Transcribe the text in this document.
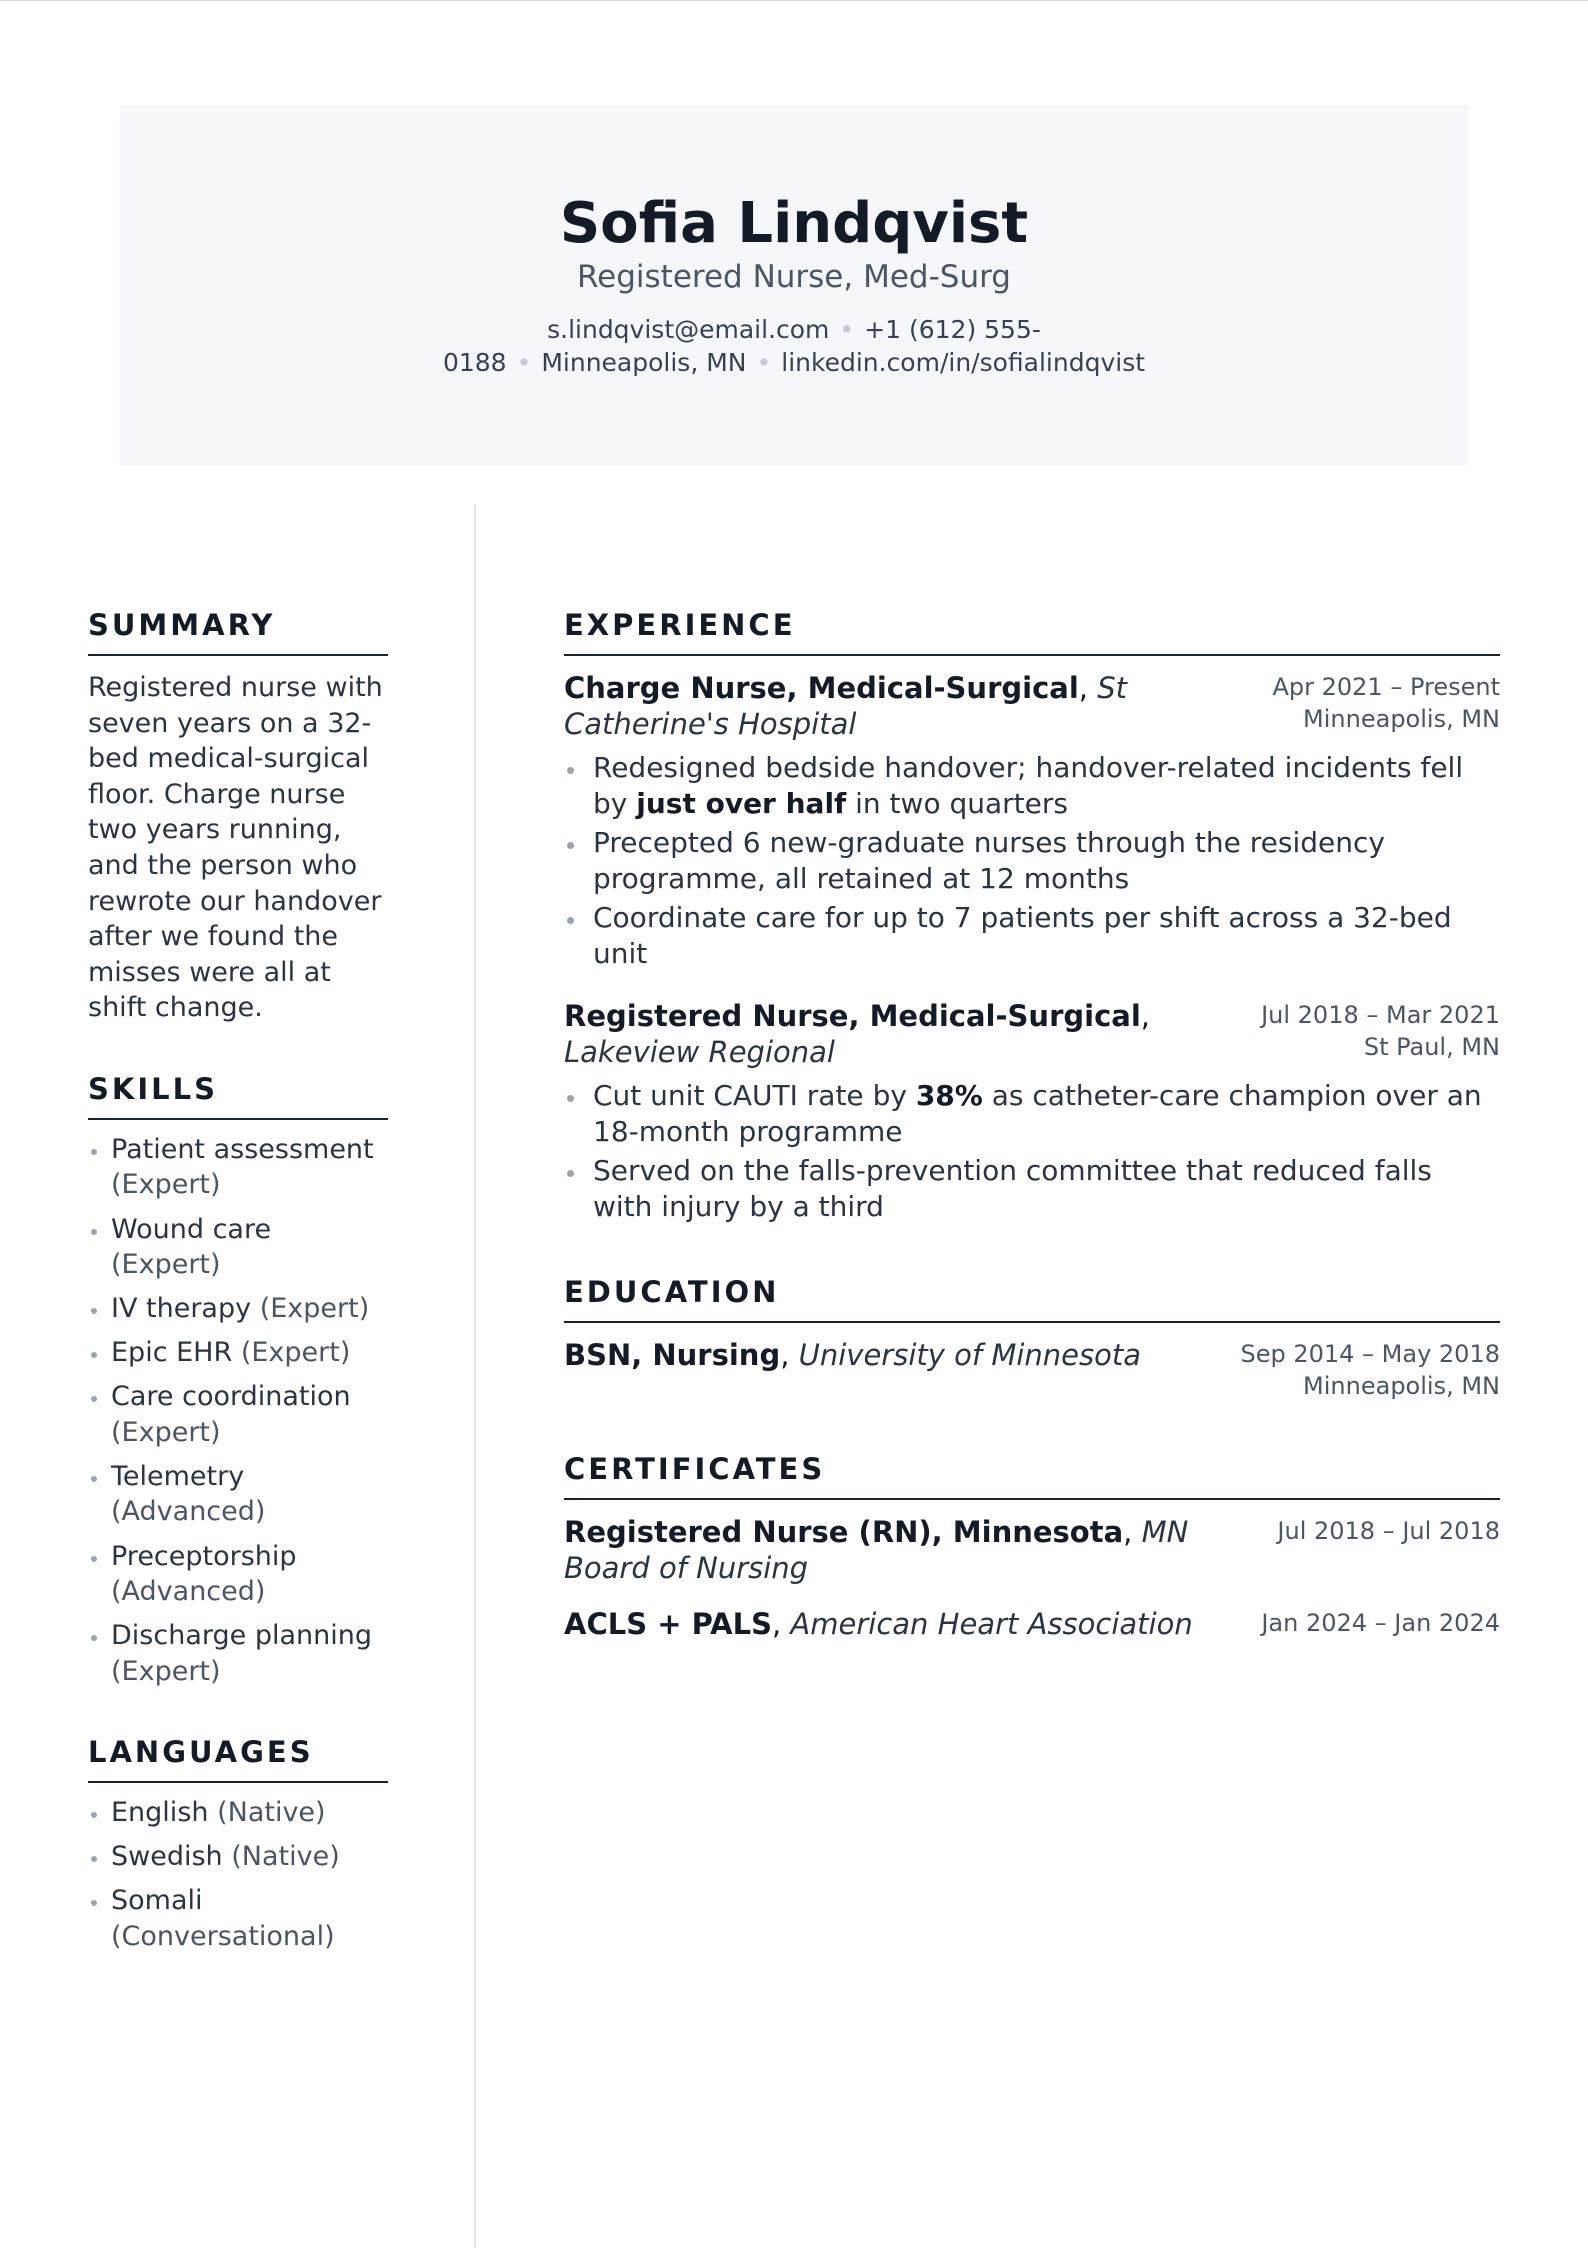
Sofia Lindqvist
Registered Nurse, Med-Surg
s.lindqvist@email.com • +1 (612) 555-0188 • Minneapolis, MN • linkedin.com/in/sofialindqvist
SUMMARY
Registered nurse with seven years on a 32-bed medical-surgical floor. Charge nurse two years running, and the person who rewrote our handover after we found the misses were all at shift change.
SKILLS
Patient assessment (Expert)
Wound care (Expert)
IV therapy (Expert)
Epic EHR (Expert)
Care coordination (Expert)
Telemetry (Advanced)
Preceptorship (Advanced)
Discharge planning (Expert)
LANGUAGES
English (Native)
Swedish (Native)
Somali (Conversational)
EXPERIENCE
Charge Nurse, Medical-Surgical, St Catherine's Hospital
Apr 2021 – Present
Minneapolis, MN
Redesigned bedside handover; handover-related incidents fell by just over half in two quarters
Precepted 6 new-graduate nurses through the residency programme, all retained at 12 months
Coordinate care for up to 7 patients per shift across a 32-bed unit
Registered Nurse, Medical-Surgical, Lakeview Regional
Jul 2018 – Mar 2021
St Paul, MN
Cut unit CAUTI rate by 38% as catheter-care champion over an 18-month programme
Served on the falls-prevention committee that reduced falls with injury by a third
EDUCATION
BSN, Nursing, University of Minnesota	Sep 2014 – May 2018
Minneapolis, MN
CERTIFICATES
Registered Nurse (RN), Minnesota, MN Board of Nursing
Jul 2018 – Jul 2018
ACLS + PALS, American Heart Association	Jan 2024 – Jan 2024
